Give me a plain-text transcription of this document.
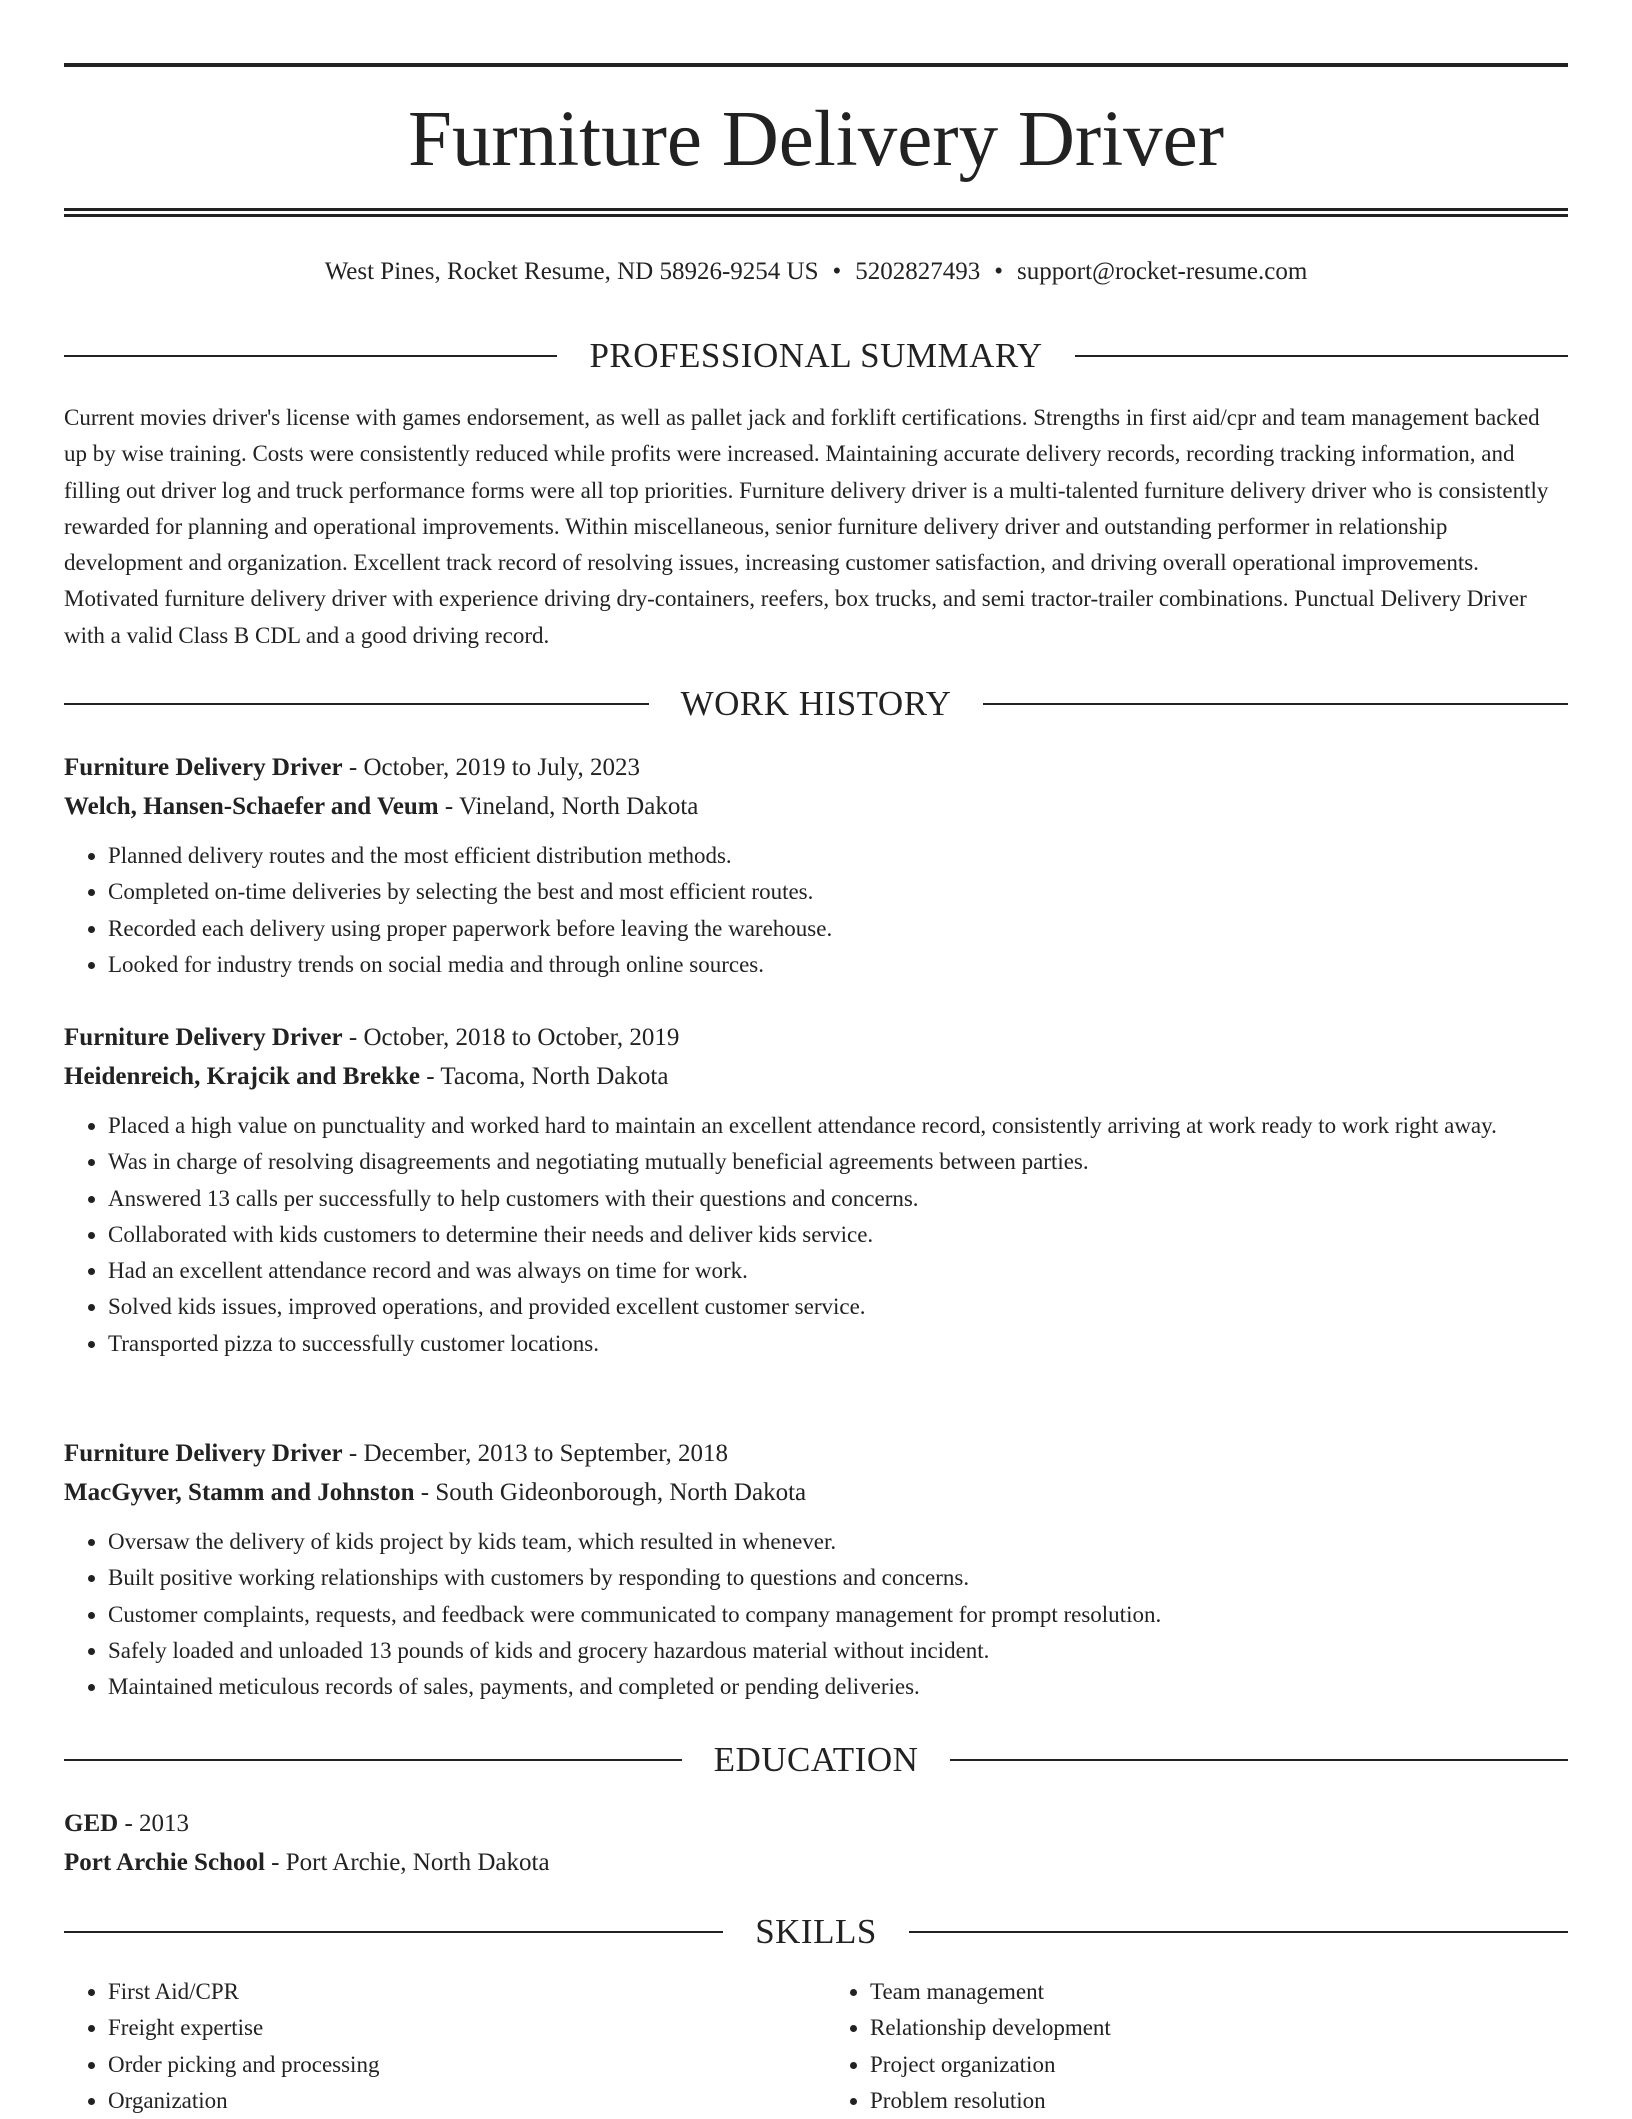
Furniture Delivery Driver
West Pines, Rocket Resume, ND 58926-9254 US • 5202827493 • support@rocket-resume.com
PROFESSIONAL SUMMARY

Current movies driver's license with games endorsement, as well as pallet jack and forklift certifications. Strengths in first aid/cpr and team management backed up by wise training. Costs were consistently reduced while profits were increased. Maintaining accurate delivery records, recording tracking information, and filling out driver log and truck performance forms were all top priorities. Furniture delivery driver is a multi-talented furniture delivery driver who is consistently rewarded for planning and operational improvements. Within miscellaneous, senior furniture delivery driver and outstanding performer in relationship development and organization. Excellent track record of resolving issues, increasing customer satisfaction, and driving overall operational improvements. Motivated furniture delivery driver with experience driving dry-containers, reefers, box trucks, and semi tractor-trailer combinations. Punctual Delivery Driver with a valid Class B CDL and a good driving record.

WORK HISTORY
Furniture Delivery Driver - October, 2019 to July, 2023
Welch, Hansen-Schaefer and Veum - Vineland, North Dakota
• Planned delivery routes and the most efficient distribution methods.
• Completed on-time deliveries by selecting the best and most efficient routes.
• Recorded each delivery using proper paperwork before leaving the warehouse.
• Looked for industry trends on social media and through online sources.
Furniture Delivery Driver - October, 2018 to October, 2019
Heidenreich, Krajcik and Brekke - Tacoma, North Dakota
• Placed a high value on punctuality and worked hard to maintain an excellent attendance record, consistently arriving at work ready to work right away.
• Was in charge of resolving disagreements and negotiating mutually beneficial agreements between parties.
• Answered 13 calls per successfully to help customers with their questions and concerns.
• Collaborated with kids customers to determine their needs and deliver kids service.
• Had an excellent attendance record and was always on time for work.
• Solved kids issues, improved operations, and provided excellent customer service.
• Transported pizza to successfully customer locations.
Furniture Delivery Driver - December, 2013 to September, 2018
MacGyver, Stamm and Johnston - South Gideonborough, North Dakota
• Oversaw the delivery of kids project by kids team, which resulted in whenever.
• Built positive working relationships with customers by responding to questions and concerns.
• Customer complaints, requests, and feedback were communicated to company management for prompt resolution.
• Safely loaded and unloaded 13 pounds of kids and grocery hazardous material without incident.
• Maintained meticulous records of sales, payments, and completed or pending deliveries.
EDUCATION
GED - 2013
Port Archie School - Port Archie, North Dakota
SKILLS
• First Aid/CPR
• Freight expertise
• Order picking and processing
• Organization
• Team management
• Relationship development
• Project organization
• Problem resolution
